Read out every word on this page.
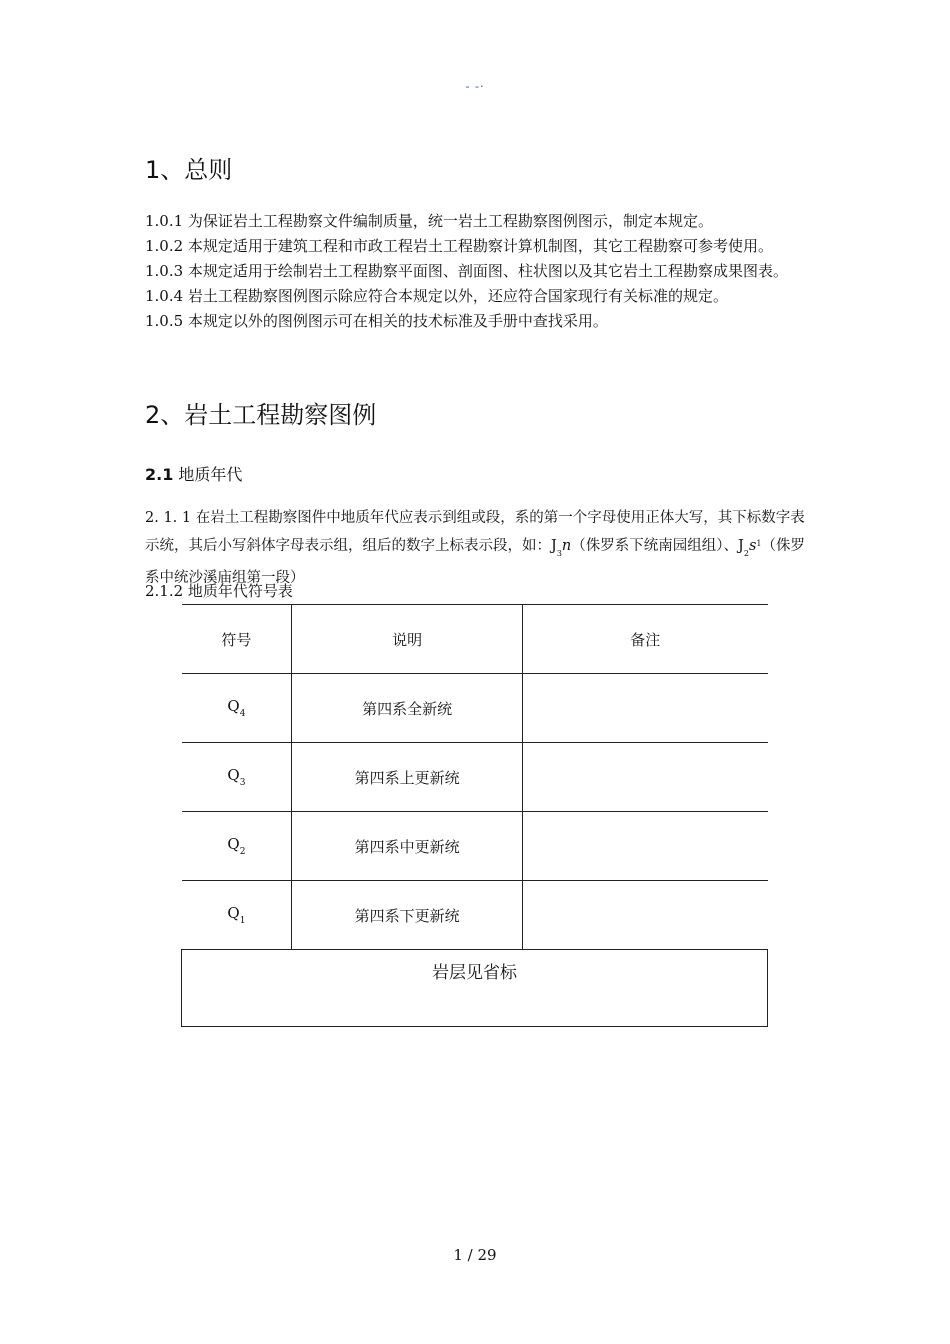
- -·
1、总则

1.0.1 为保证岩土工程勘察文件编制质量，统一岩土工程勘察图例图示，制定本规定。

1.0.2 本规定适用于建筑工程和市政工程岩土工程勘察计算机制图，其它工程勘察可参考使用。

1.0.3 本规定适用于绘制岩土工程勘察平面图、剖面图、柱状图以及其它岩土工程勘察成果图表。

1.0.4 岩土工程勘察图例图示除应符合本规定以外，还应符合国家现行有关标准的规定。

1.0.5 本规定以外的图例图示可在相关的技术标准及手册中查找采用。

2、岩土工程勘察图例
2.1 地质年代
2. 1. 1 在岩土工程勘察图件中地质年代应表示到组或段，系的第一个字母使用正体大写，其下标数字表示统，其后小写斜体字母表示组，组后的数字上标表示段，如：$J_3n$（侏罗系下统南园组组）、$J_2s^1$（侏罗系中统沙溪庙组第一段）
2.1.2 地质年代符号表
符号	说明	备注
$Q_4$	第四系全新统	
$Q_3$	第四系上更新统	
$Q_2$	第四系中更新统	
$Q_1$	第四系下更新统	
岩层见省标		
1 / 29
